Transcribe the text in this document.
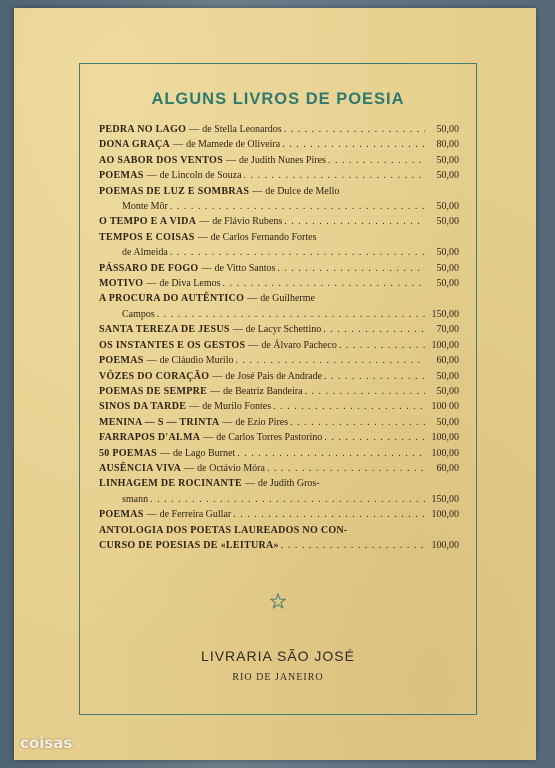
ALGUNS LIVROS DE POESIA
PEDRA NO LAGO — de Stella Leonardos . . .	50,00
DONA GRAÇA — de Mamede de Oliveira . . .	80,00
AO SABOR DOS VENTOS — de Judith Nunes Pires . . .	50,00
POEMAS — de Lincoln de Souza . . .	50,00
POEMAS DE LUZ E SOMBRAS — de Dulce de Mello
Monte Môr . . .	50,00
O TEMPO E A VIDA — de Flávio Rubens . . .	50,00
TEMPOS E COISAS — de Carlos Fernando Fortes
de Almeida . . .	50,00
PÁSSARO DE FOGO — de Vitto Santos . . .	50,00
MOTIVO — de Diva Lemos . . .	50,00
A PROCURA DO AUTÊNTICO — de Guilherme
Campos . . .	150,00
SANTA TEREZA DE JESUS — de Lacyr Schettino . . .	70,00
OS INSTANTES E OS GESTOS — de Álvaro Pacheco . . .	100,00
POEMAS — de Cláudio Murilo . . .	60,00
VÔZES DO CORAÇÃO — de José Pais de Andrade . . .	50,00
POEMAS DE SEMPRE — de Beatriz Bandeira . . .	50,00
SINOS DA TARDE — de Murilo Fontes . . .	100 00
MENINA — S — TRINTA — de Ezio Pires . . .	50,00
FARRAPOS D'ALMA — de Carlos Torres Pastorino . . .	100,00
50 POEMAS — de Lago Burnet . . .	100,00
AUSÊNCIA VIVA — de Octávio Móra . . .	60,00
LINHAGEM DE ROCINANTE — de Judith Gros-
smann . . .	150,00
POEMAS — de Ferreira Gullar . . .	100,00
ANTOLOGIA DOS POETAS LAUREADOS NO CON-
CURSO DE POESIAS DE «LEITURA» . . .	100,00
LIVRARIA SÃO JOSÉ
RIO DE JANEIRO
coisas
